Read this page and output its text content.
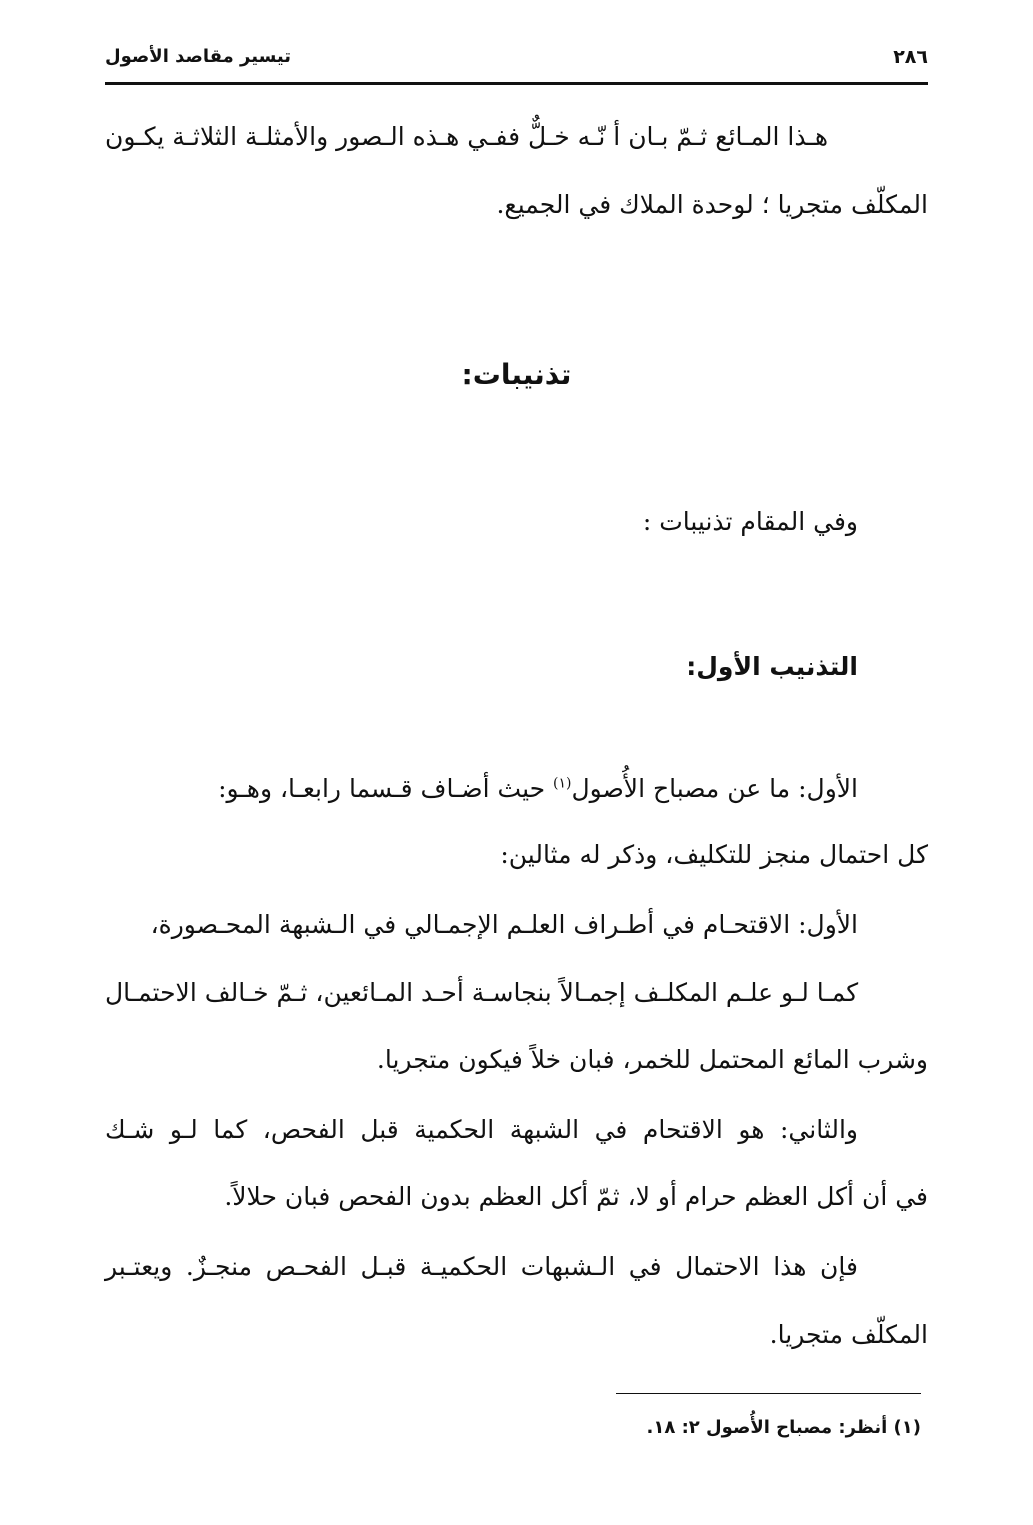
٢٨٦
تيسير مقاصد الأصول
هـذا المـائع ثـمّ بـان أ نّـه خـلٌّ ففـي هـذه الـصور والأمثلـة الثلاثـة يكـون
المكلّف متجريا ؛ لوحدة الملاك في الجميع.
تذنيبات:
وفي المقام تذنيبات :
التذنيب الأول:
الأول: ما عن مصباح الأُصول$^{(١)}$ حيث أضـاف قـسما رابعـا، وهـو:
كل احتمال منجز للتكليف، وذكر له مثالين:
الأول: الاقتحـام في أطـراف العلـم الإجمـالي في الـشبهة المحـصورة،
كمـا لـو علـم المكلـف إجمـالاً بنجاسـة أحـد المـائعين، ثـمّ خـالف الاحتمـال
وشرب المائع المحتمل للخمر، فبان خلاً فيكون متجريا.
والثاني: هو الاقتحام في الشبهة الحكمية قبل الفحص، كما لـو شـك
في أن أكل العظم حرام أو لا، ثمّ أكل العظم بدون الفحص فبان حلالاً.
فإن هذا الاحتمال في الـشبهات الحكميـة قبـل الفحـص منجـزٌ. ويعتـبر
المكلّف متجريا.
(١) أنظر: مصباح الأُصول ٢: ١٨.
